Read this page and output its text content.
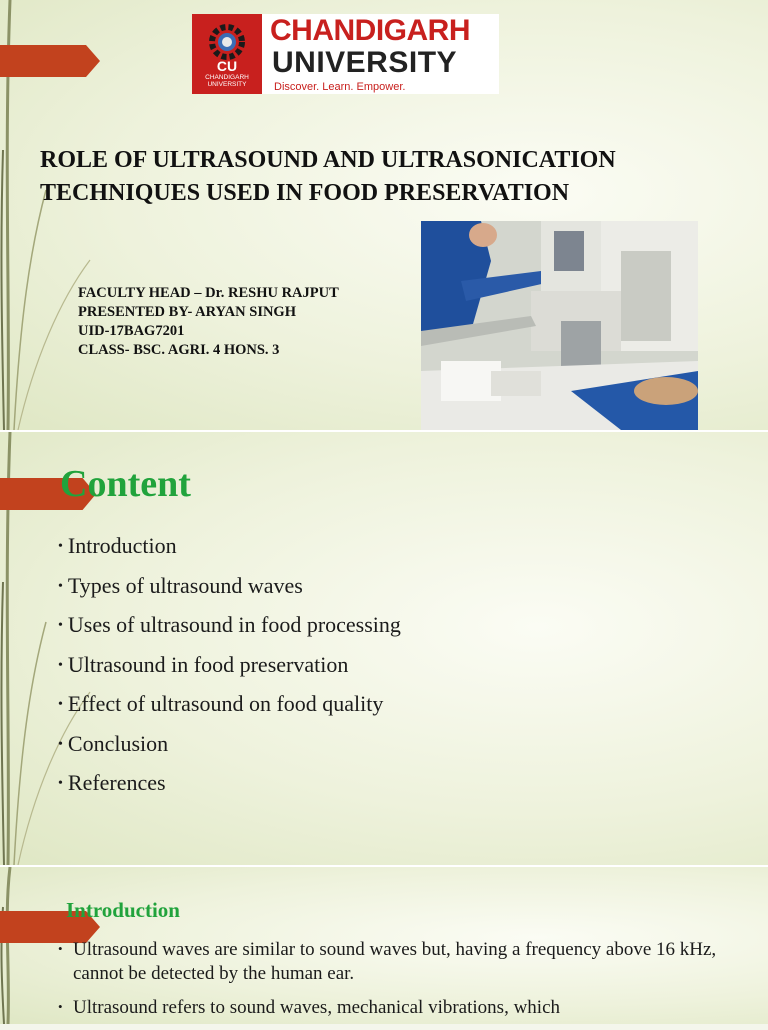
CU
CHANDIGARH UNIVERSITY
CHANDIGARH
UNIVERSITY
Discover. Learn. Empower.
ROLE OF ULTRASOUND AND ULTRASONICATION
TECHNIQUES USED IN FOOD PRESERVATION
FACULTY HEAD – Dr. RESHU RAJPUT
PRESENTED BY- ARYAN SINGH
UID-17BAG7201
CLASS- BSC. AGRI. 4 HONS. 3
Content
• Introduction
• Types of ultrasound waves
• Uses of ultrasound in food processing
• Ultrasound in food preservation
• Effect of ultrasound on food quality
• Conclusion
• References
Introduction
• Ultrasound waves are similar to sound waves but, having a frequency above 16 kHz, cannot be detected by the human ear.
• Ultrasound refers to sound waves, mechanical vibrations, which
